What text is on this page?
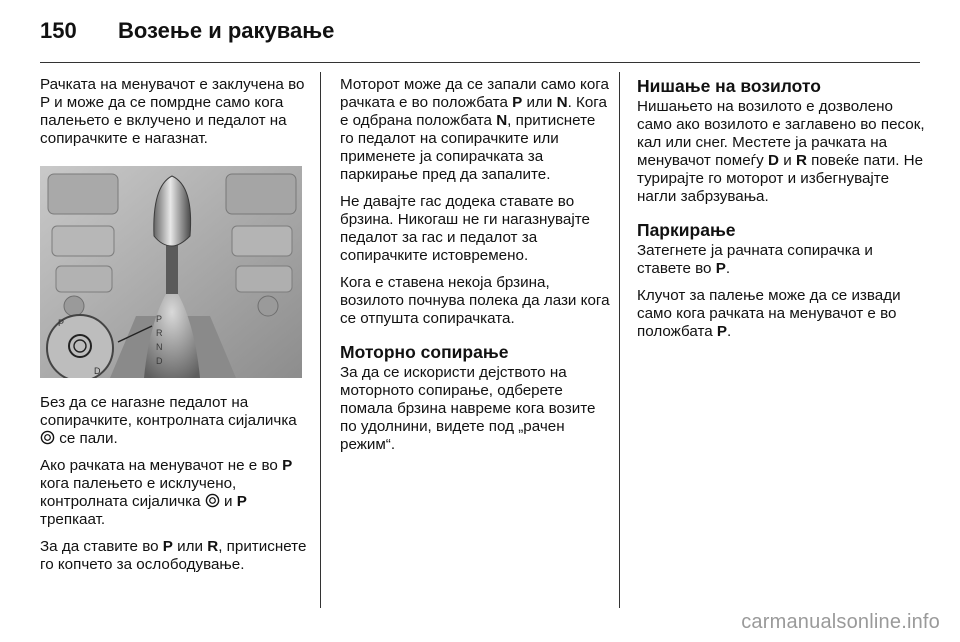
150 Возење и ракување

Рачката на менувачот е заклучена во P и може да се помрдне само кога палењето е вклучено и педалот на сопирачките е нагазнат.

P
R
N
D
P
D

Без да се нагазне педалот на сопирачките, контролната сијаличка  се пали.

Ако рачката на менувачот не е во P кога палењето е исклучено, контролната сијаличка и P трепкаат.

За да ставите во P или R, притиснете го копчето за ослободување.

Моторот може да се запали само кога рачката е во положбата P или N. Кога е одбрана положбата N, притиснете го педалот на сопирачките или применете ја сопирачката за паркирање пред да запалите.

Не давајте гас додека ставате во брзина. Никогаш не ги нагазнувајте педалот за гас и педалот за сопирачките истовремено.

Кога е ставена некоја брзина, возилото почнува полека да лази кога се отпушта сопирачката.

Моторно сопирање

За да се искористи дејството на моторното сопирање, одберете помала брзина навреме кога возите по удолнини, видете под „рачен режим“.

Нишање на возилото

Нишањето на возилото е дозволено само ако возилото е заглавено во песок, кал или снег. Местете ја рачката на менувачот помеѓу D и R повеќе пати. Не турирајте го моторот и избегнувајте нагли забрзувања.

Паркирање

Затегнете ја рачната сопирачка и ставете во P.

Клучот за палење може да се извади само кога рачката на менувачот е во положбата P.

carmanualsonline.info
